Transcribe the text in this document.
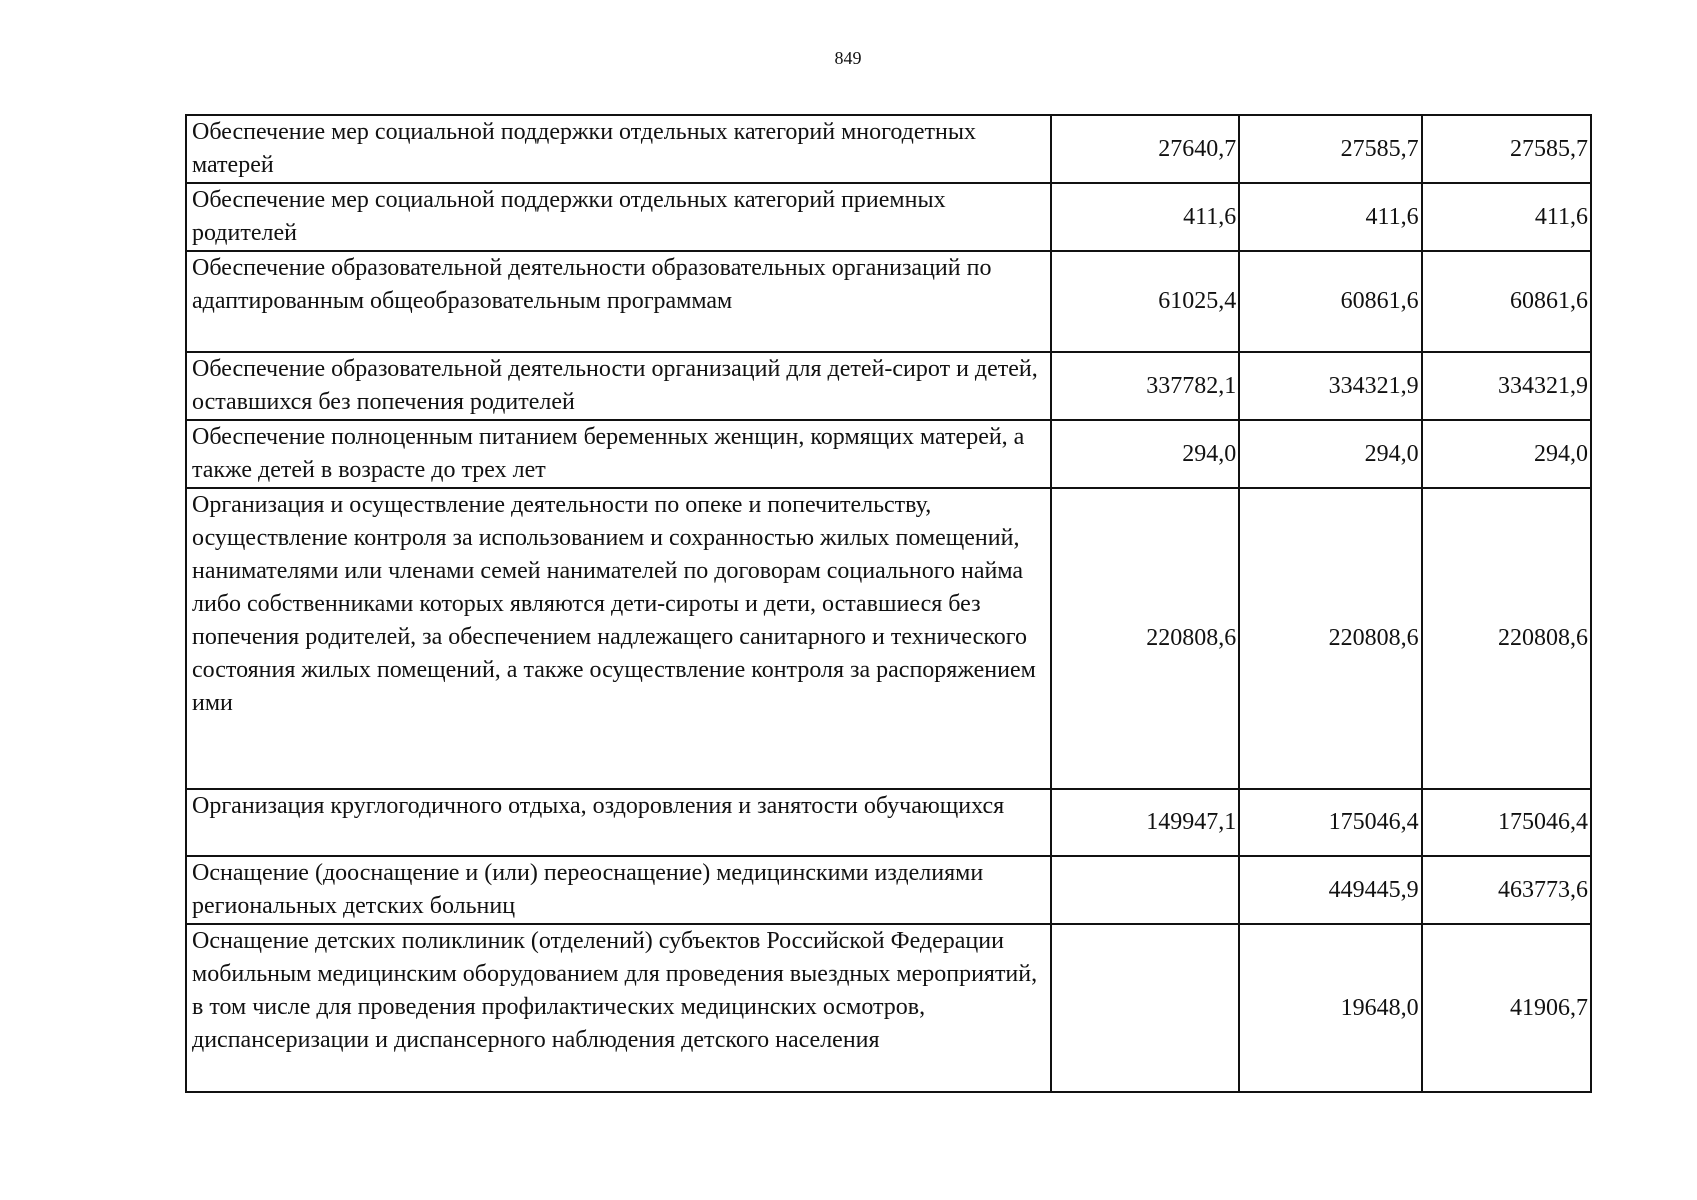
849
Обеспечение мер социальной поддержки отдельных категорий многодетных матерей	27640,7	27585,7	27585,7
Обеспечение мер социальной поддержки отдельных категорий приемных родителей	411,6	411,6	411,6
Обеспечение образовательной деятельности образовательных организаций по адаптированным общеобразовательным программам	61025,4	60861,6	60861,6
Обеспечение образовательной деятельности организаций для детей-сирот и детей, оставшихся без попечения родителей	337782,1	334321,9	334321,9
Обеспечение полноценным питанием беременных женщин, кормящих матерей, а также детей в возрасте до трех лет	294,0	294,0	294,0
Организация и осуществление деятельности по опеке и попечительству, осуществление контроля за использованием и сохранностью жилых помещений, нанимателями или членами семей нанимателей по договорам социального найма либо собственниками которых являются дети-сироты и дети, оставшиеся без попечения родителей, за обеспечением надлежащего санитарного и технического состояния жилых помещений, а также осуществление контроля за распоряжением ими	220808,6	220808,6	220808,6
Организация круглогодичного отдыха, оздоровления и занятости обучающихся	149947,1	175046,4	175046,4
Оснащение (дооснащение и (или) переоснащение) медицинскими изделиями региональных детских больниц		449445,9	463773,6
Оснащение детских поликлиник (отделений) субъектов Российской Федерации мобильным медицинским оборудованием для проведения выездных мероприятий, в том числе для проведения профилактических медицинских осмотров, диспансеризации и диспансерного наблюдения детского населения		19648,0	41906,7
